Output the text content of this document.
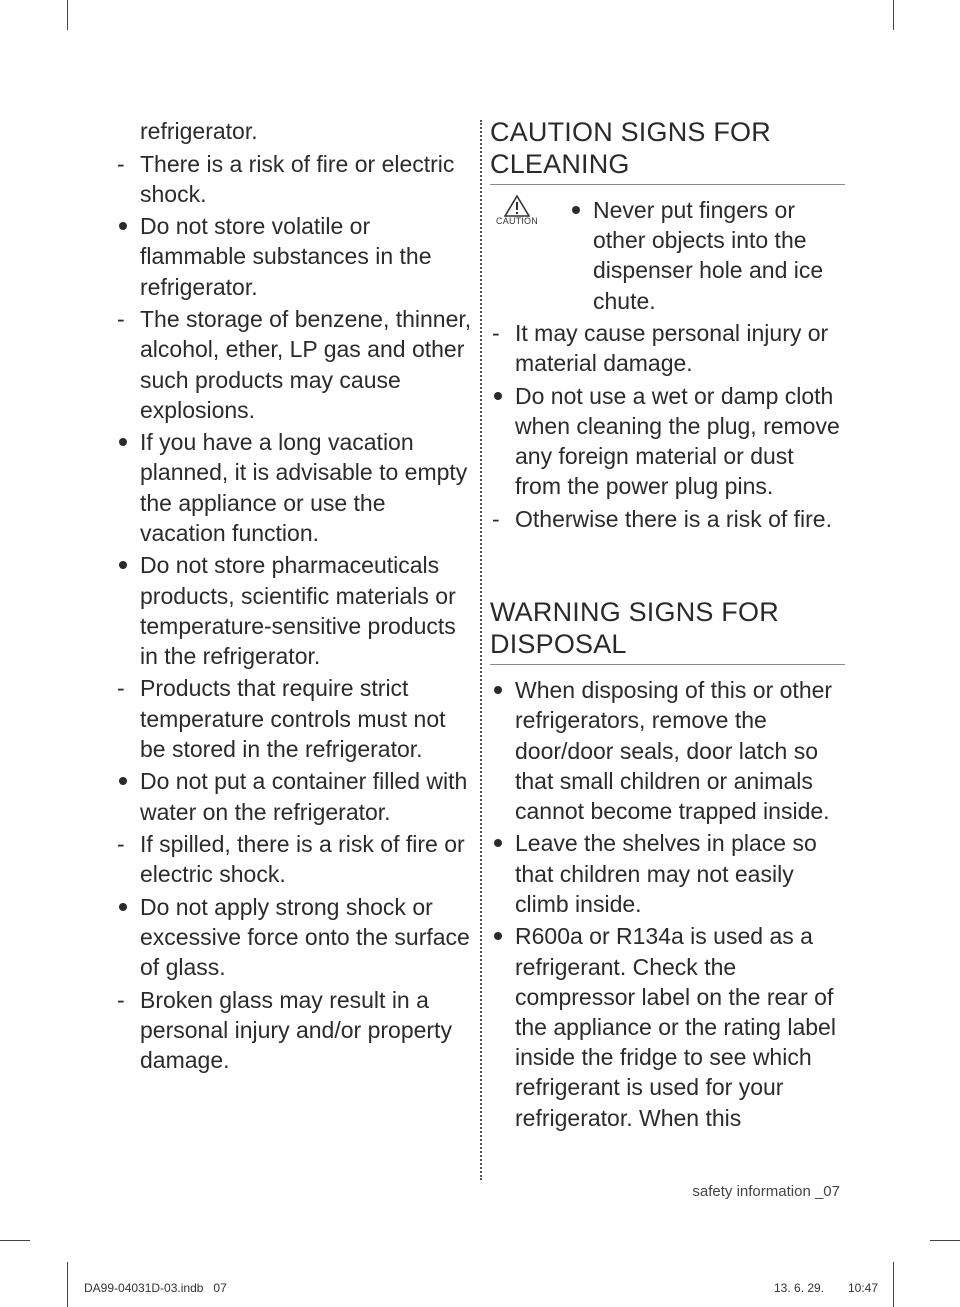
refrigerator.
- There is a risk of fire or electric shock.
Do not store volatile or flammable substances in the refrigerator.
- The storage of benzene, thinner, alcohol, ether, LP gas and other such products may cause explosions.
If you have a long vacation planned, it is advisable to empty the appliance or use the vacation function.
Do not store pharmaceuticals products, scientific materials or temperature-sensitive products in the refrigerator.
- Products that require strict temperature controls must not be stored in the refrigerator.
Do not put a container filled with water on the refrigerator.
- If spilled, there is a risk of fire or electric shock.
Do not apply strong shock or excessive force onto the surface of glass.
- Broken glass may result in a personal injury and/or property damage.
CAUTION SIGNS FOR CLEANING
CAUTION	Never put fingers or other objects into the dispenser hole and ice chute.
- It may cause personal injury or material damage.
Do not use a wet or damp cloth when cleaning the plug, remove any foreign material or dust from the power plug pins.
- Otherwise there is a risk of fire.
WARNING SIGNS FOR DISPOSAL
When disposing of this or other refrigerators, remove the door/door seals, door latch so that small children or animals cannot become trapped inside.
Leave the shelves in place so that children may not easily climb inside.
R600a or R134a is used as a refrigerant. Check the compressor label on the rear of the appliance or the rating label inside the fridge to see which refrigerant is used for your refrigerator. When this
safety information _07
DA99-04031D-03.indb   07	13. 6. 29. 10:47
